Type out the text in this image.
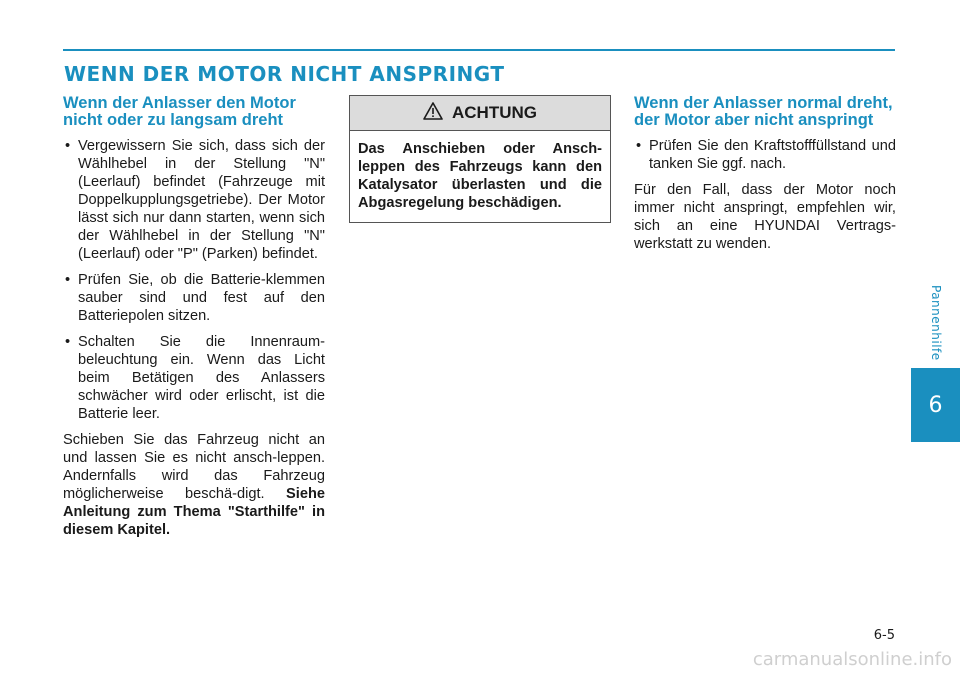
WENN DER MOTOR NICHT ANSPRINGT
Wenn der Anlasser den Motor nicht oder zu langsam dreht
• Vergewissern Sie sich, dass sich der Wählhebel in der Stellung "N" (Leerlauf) befindet (Fahrzeuge mit Doppelkupplungsgetriebe). Der Motor lässt sich nur dann starten, wenn sich der Wählhebel in der Stellung "N" (Leerlauf) oder "P" (Parken) befindet.
• Prüfen Sie, ob die Batterie-klemmen sauber sind und fest auf den Batteriepolen sitzen.
• Schalten Sie die Innenraum-beleuchtung ein. Wenn das Licht beim Betätigen des Anlassers schwächer wird oder erlischt, ist die Batterie leer.

Schieben Sie das Fahrzeug nicht an und lassen Sie es nicht ansch-leppen. Andernfalls wird das Fahrzeug möglicherweise beschä-digt. Siehe Anleitung zum Thema "Starthilfe" in diesem Kapitel.

ACHTUNG
Das Anschieben oder Ansch-leppen des Fahrzeugs kann den Katalysator überlasten und die Abgasregelung beschädigen.
Wenn der Anlasser normal dreht, der Motor aber nicht anspringt
• Prüfen Sie den Kraftstofffüllstand und tanken Sie ggf. nach.

Für den Fall, dass der Motor noch immer nicht anspringt, empfehlen wir, sich an eine HYUNDAI Vertrags-werkstatt zu wenden.

Pannenhilfe
6
6-5
carmanualsonline.info
